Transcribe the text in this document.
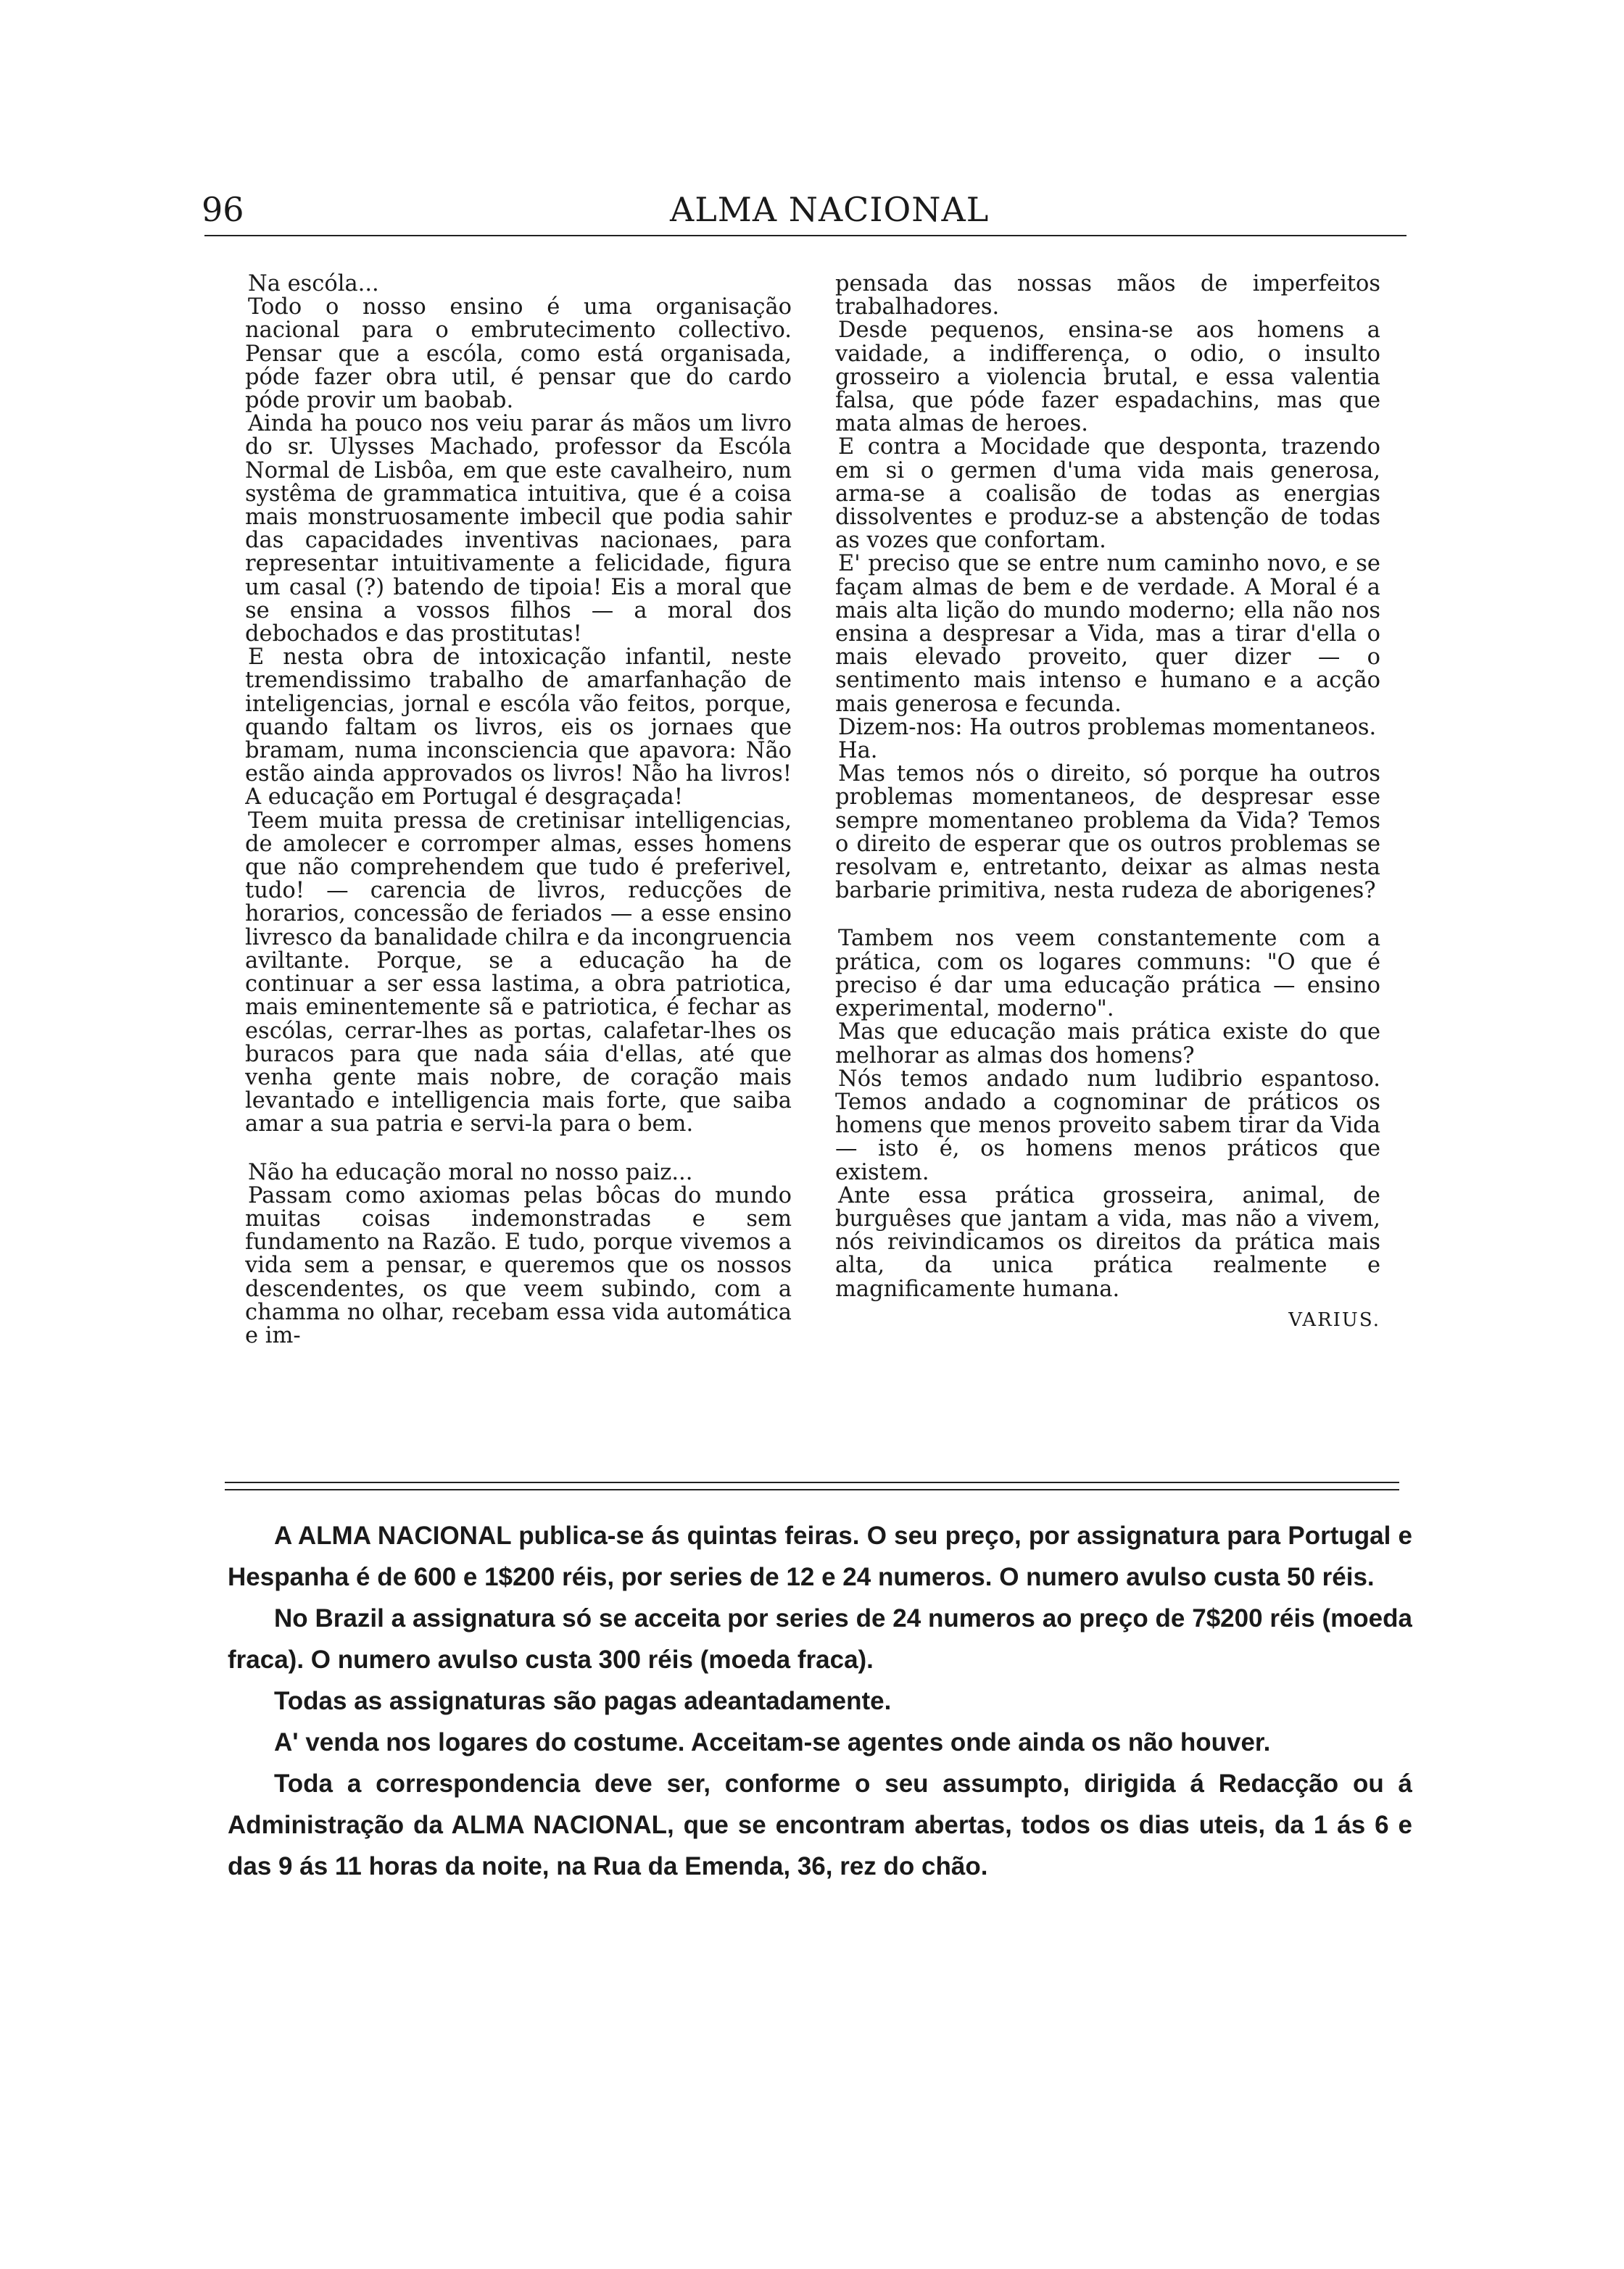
96	ALMA NACIONAL

Na escóla...

Todo o nosso ensino é uma organisação nacional para o embrutecimento collectivo. Pensar que a escóla, como está organisada, póde fazer obra util, é pensar que do cardo póde provir um baobab.

Ainda ha pouco nos veiu parar ás mãos um livro do sr. Ulysses Machado, professor da Escóla Normal de Lisbôa, em que este cavalheiro, num systêma de grammatica intuitiva, que é a coisa mais monstruosamente imbecil que podia sahir das capacidades inventivas nacionaes, para representar intuitivamente a felicidade, figura um casal (?) batendo de tipoia! Eis a moral que se ensina a vossos filhos — a moral dos debochados e das prostitutas!

E nesta obra de intoxicação infantil, neste tremendissimo trabalho de amarfanhação de inteligencias, jornal e escóla vão feitos, porque, quando faltam os livros, eis os jornaes que bramam, numa inconsciencia que apavora: Não estão ainda approvados os livros! Não ha livros! A educação em Portugal é desgraçada!

Teem muita pressa de cretinisar intelligencias, de amolecer e corromper almas, esses homens que não comprehendem que tudo é preferivel, tudo! — carencia de livros, reducções de horarios, concessão de feriados — a esse ensino livresco da banalidade chilra e da incongruencia aviltante. Porque, se a educação ha de continuar a ser essa lastima, a obra patriotica, mais eminentemente sã e patriotica, é fechar as escólas, cerrar-lhes as portas, calafetar-lhes os buracos para que nada sáia d'ellas, até que venha gente mais nobre, de coração mais levantado e intelligencia mais forte, que saiba amar a sua patria e servi-la para o bem.

Não ha educação moral no nosso paiz...

Passam como axiomas pelas bôcas do mundo muitas coisas indemonstradas e sem fundamento na Razão. E tudo, porque vivemos a vida sem a pensar, e queremos que os nossos descendentes, os que veem subindo, com a chamma no olhar, recebam essa vida automática e im-

pensada das nossas mãos de imperfeitos trabalhadores.

Desde pequenos, ensina-se aos homens a vaidade, a indifferença, o odio, o insulto grosseiro a violencia brutal, e essa valentia falsa, que póde fazer espadachins, mas que mata almas de heroes.

E contra a Mocidade que desponta, trazendo em si o germen d'uma vida mais generosa, arma-se a coalisão de todas as energias dissolventes e produz-se a abstenção de todas as vozes que confortam.

E' preciso que se entre num caminho novo, e se façam almas de bem e de verdade. A Moral é a mais alta lição do mundo moderno; ella não nos ensina a despresar a Vida, mas a tirar d'ella o mais elevado proveito, quer dizer — o sentimento mais intenso e humano e a acção mais generosa e fecunda.

Dizem-nos: Ha outros problemas momentaneos.

Ha.

Mas temos nós o direito, só porque ha outros problemas momentaneos, de despresar esse sempre momentaneo problema da Vida? Temos o direito de esperar que os outros problemas se resolvam e, entretanto, deixar as almas nesta barbarie primitiva, nesta rudeza de aborigenes?

Tambem nos veem constantemente com a prática, com os logares communs: "O que é preciso é dar uma educação prática — ensino experimental, moderno".

Mas que educação mais prática existe do que melhorar as almas dos homens?

Nós temos andado num ludibrio espantoso. Temos andado a cognominar de práticos os homens que menos proveito sabem tirar da Vida — isto é, os homens menos práticos que existem.

Ante essa prática grosseira, animal, de burguêses que jantam a vida, mas não a vivem, nós reivindicamos os direitos da prática mais alta, da unica prática realmente e magnificamente humana.

VARIUS.

A ALMA NACIONAL publica-se ás quintas feiras. O seu preço, por assignatura para Portugal e Hespanha é de 600 e 1$200 réis, por series de 12 e 24 numeros. O numero avulso custa 50 réis.

No Brazil a assignatura só se acceita por series de 24 numeros ao preço de 7$200 réis (moeda fraca). O numero avulso custa 300 réis (moeda fraca).

Todas as assignaturas são pagas adeantadamente.

A' venda nos logares do costume. Acceitam-se agentes onde ainda os não houver.

Toda a correspondencia deve ser, conforme o seu assumpto, dirigida á Redacção ou á Administração da ALMA NACIONAL, que se encontram abertas, todos os dias uteis, da 1 ás 6 e das 9 ás 11 horas da noite, na Rua da Emenda, 36, rez do chão.
